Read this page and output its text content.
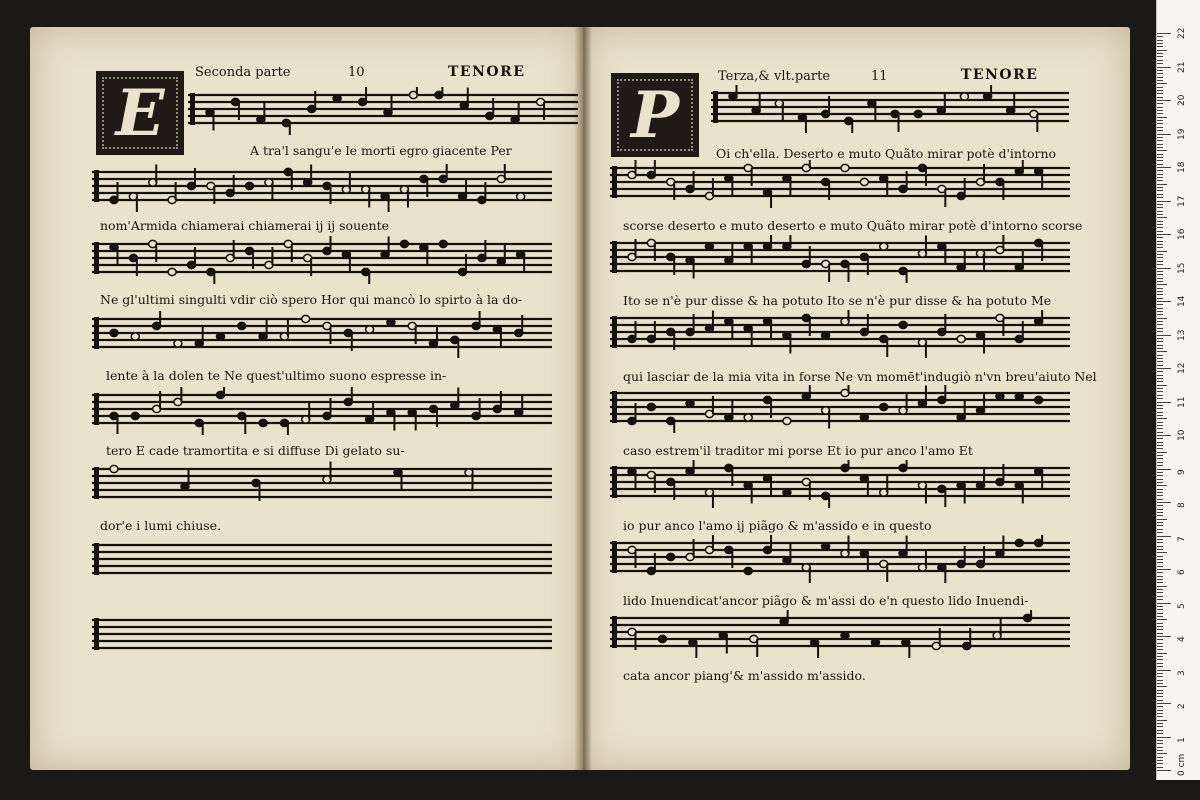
E
Seconda parte	10	TENORE
A tra'l sangu'e le morti egro giacente Per
nom'Armida chiamerai chiamerai ij ij souente
Ne gl'ultimi singulti vdir ciò spero Hor qui mancò lo spirto à la do-
lente à la dolen te Ne quest'ultimo suono espresse in-
tero E cade tramortita e si diffuse Di gelato su-
dor'e i lumi chiuse.
P
Terza,& vlt.parte	11	TENORE
Oi ch'ella. Deserto e muto Quãto mirar potè d'intorno
scorse deserto e muto deserto e muto Quãto mirar potè d'intorno scorse
Ito se n'è pur disse & ha potuto Ito se n'è pur disse & ha potuto Me
qui lasciar de la mia vita in forse Ne vn momēt'indugiò n'vn breu'aiuto Nel
caso estrem'il traditor mi porse Et io pur anco l'amo Et
io pur anco l'amo ij piãgo & m'assido e in questo
lido Inuendicat'ancor piãgo & m'assi do e'n questo lido Inuendi-
cata ancor piang'& m'assido m'assido.
0 cm
1
2
3
4
5
6
7
8
9
10
11
12
13
14
15
16
17
18
19
20
21
22
